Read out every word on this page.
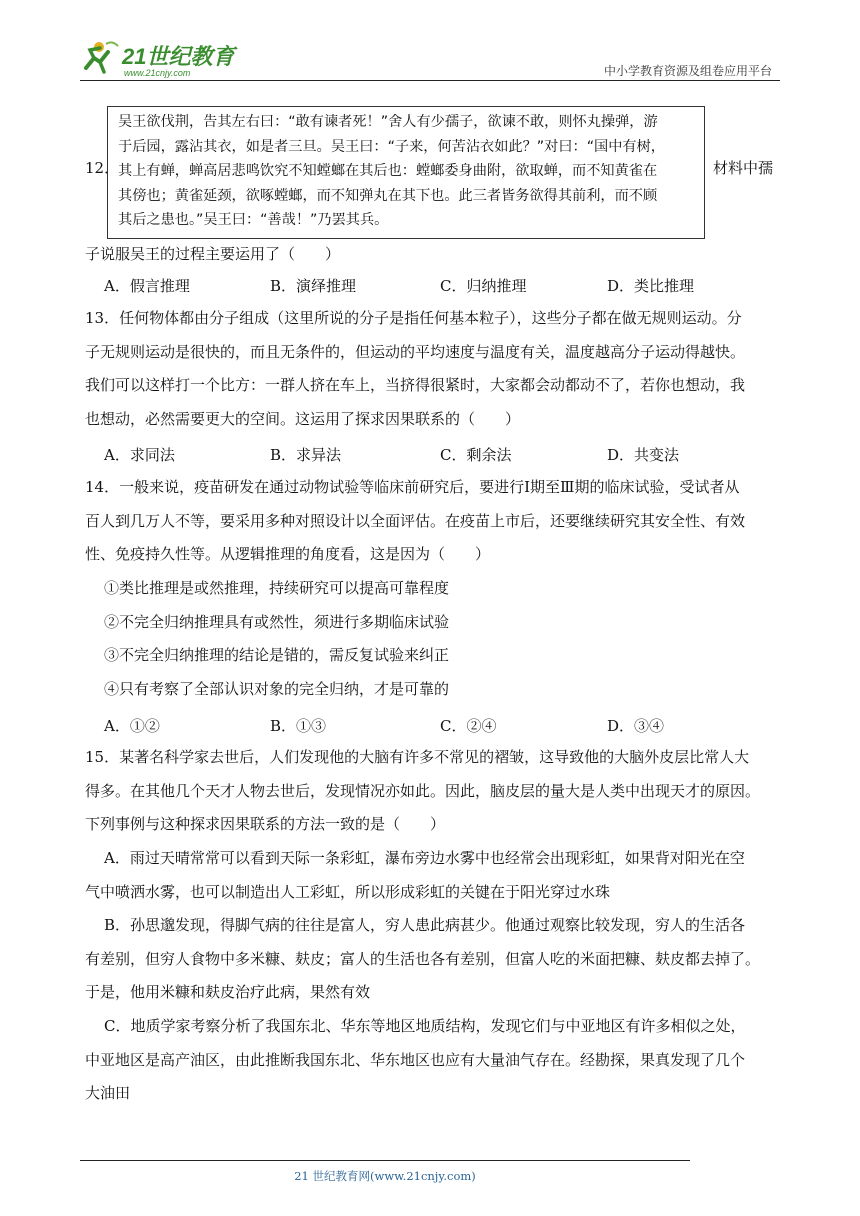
21世纪教育
www.21cnjy.com	中小学教育资源及组卷应用平台
12．
吴王欲伐荆，告其左右曰：“敢有谏者死！”舍人有少孺子，欲谏不敢，则怀丸操弹，游
于后园，露沾其衣，如是者三旦。吴王曰：“子来，何苦沾衣如此？”对曰：“国中有树，
其上有蝉，蝉高居悲鸣饮究不知螳螂在其后也：螳螂委身曲附，欲取蝉，而不知黄雀在
其傍也；黄雀延颈，欲啄螳螂，而不知弹丸在其下也。此三者皆务欲得其前利，而不顾
其后之患也。”吴王曰：“善哉！”乃罢其兵。
材料中孺
子说服吴王的过程主要运用了（　　）
A．假言推理	B．演绎推理	C．归纳推理	D．类比推理
13．任何物体都由分子组成（这里所说的分子是指任何基本粒子），这些分子都在做无规则运动。分
子无规则运动是很快的，而且无条件的，但运动的平均速度与温度有关，温度越高分子运动得越快。
我们可以这样打一个比方：一群人挤在车上，当挤得很紧时，大家都会动都动不了，若你也想动，我
也想动，必然需要更大的空间。这运用了探求因果联系的（　　）
A．求同法	B．求异法	C．剩余法	D．共变法
14．一般来说，疫苗研发在通过动物试验等临床前研究后，要进行Ⅰ期至Ⅲ期的临床试验，受试者从
百人到几万人不等，要采用多种对照设计以全面评估。在疫苗上市后，还要继续研究其安全性、有效
性、免疫持久性等。从逻辑推理的角度看，这是因为（　　）
①类比推理是或然推理，持续研究可以提高可靠程度
②不完全归纳推理具有或然性，须进行多期临床试验
③不完全归纳推理的结论是错的，需反复试验来纠正
④只有考察了全部认识对象的完全归纳，才是可靠的
A．①②	B．①③	C．②④	D．③④
15．某著名科学家去世后，人们发现他的大脑有许多不常见的褶皱，这导致他的大脑外皮层比常人大
得多。在其他几个天才人物去世后，发现情况亦如此。因此，脑皮层的量大是人类中出现天才的原因。
下列事例与这种探求因果联系的方法一致的是（　　）
A．雨过天晴常常可以看到天际一条彩虹，瀑布旁边水雾中也经常会出现彩虹，如果背对阳光在空
气中喷洒水雾，也可以制造出人工彩虹，所以形成彩虹的关键在于阳光穿过水珠
B．孙思邈发现，得脚气病的往往是富人，穷人患此病甚少。他通过观察比较发现，穷人的生活各
有差别，但穷人食物中多米糠、麸皮；富人的生活也各有差别，但富人吃的米面把糠、麸皮都去掉了。
于是，他用米糠和麸皮治疗此病，果然有效
C．地质学家考察分析了我国东北、华东等地区地质结构，发现它们与中亚地区有许多相似之处，
中亚地区是高产油区，由此推断我国东北、华东地区也应有大量油气存在。经勘探，果真发现了几个
大油田
21 世纪教育网(www.21cnjy.com)
